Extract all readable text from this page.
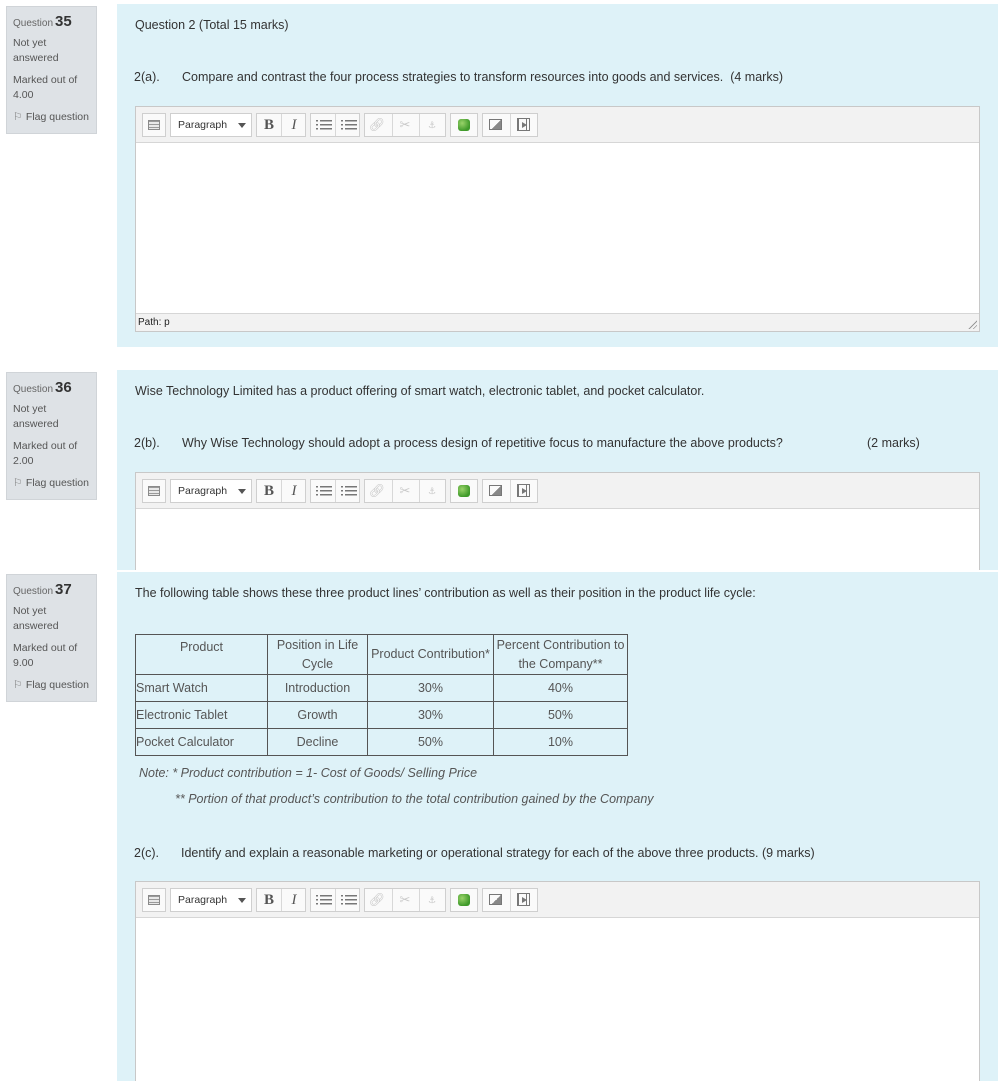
Question 35
Not yet answered
Marked out of 4.00
⚐ Flag question
Question 2 (Total 15 marks)
2(a). Compare and contrast the four process strategies to transform resources into goods and services. (4 marks)
Paragraph	B	I	🔗︎	✂	⚓︎
Path: p
Question 36
Not yet answered
Marked out of 2.00
⚐ Flag question
Wise Technology Limited has a product offering of smart watch, electronic tablet, and pocket calculator.
2(b). Why Wise Technology should adopt a process design of repetitive focus to manufacture the above products?	(2 marks)
Paragraph	B	I	🔗︎	✂	⚓︎
Question 37
Not yet answered
Marked out of 9.00
⚐ Flag question
The following table shows these three product lines’ contribution as well as their position in the product life cycle:
Product	Position in Life Cycle	Product Contribution*	Percent Contribution to the Company**
Smart Watch	Introduction	30%	40%
Electronic Tablet	Growth	30%	50%
Pocket Calculator	Decline	50%	10%
Note: * Product contribution = 1- Cost of Goods/ Selling Price
** Portion of that product’s contribution to the total contribution gained by the Company
2(c). Identify and explain a reasonable marketing or operational strategy for each of the above three products. (9 marks)
Paragraph	B	I	🔗︎	✂	⚓︎
